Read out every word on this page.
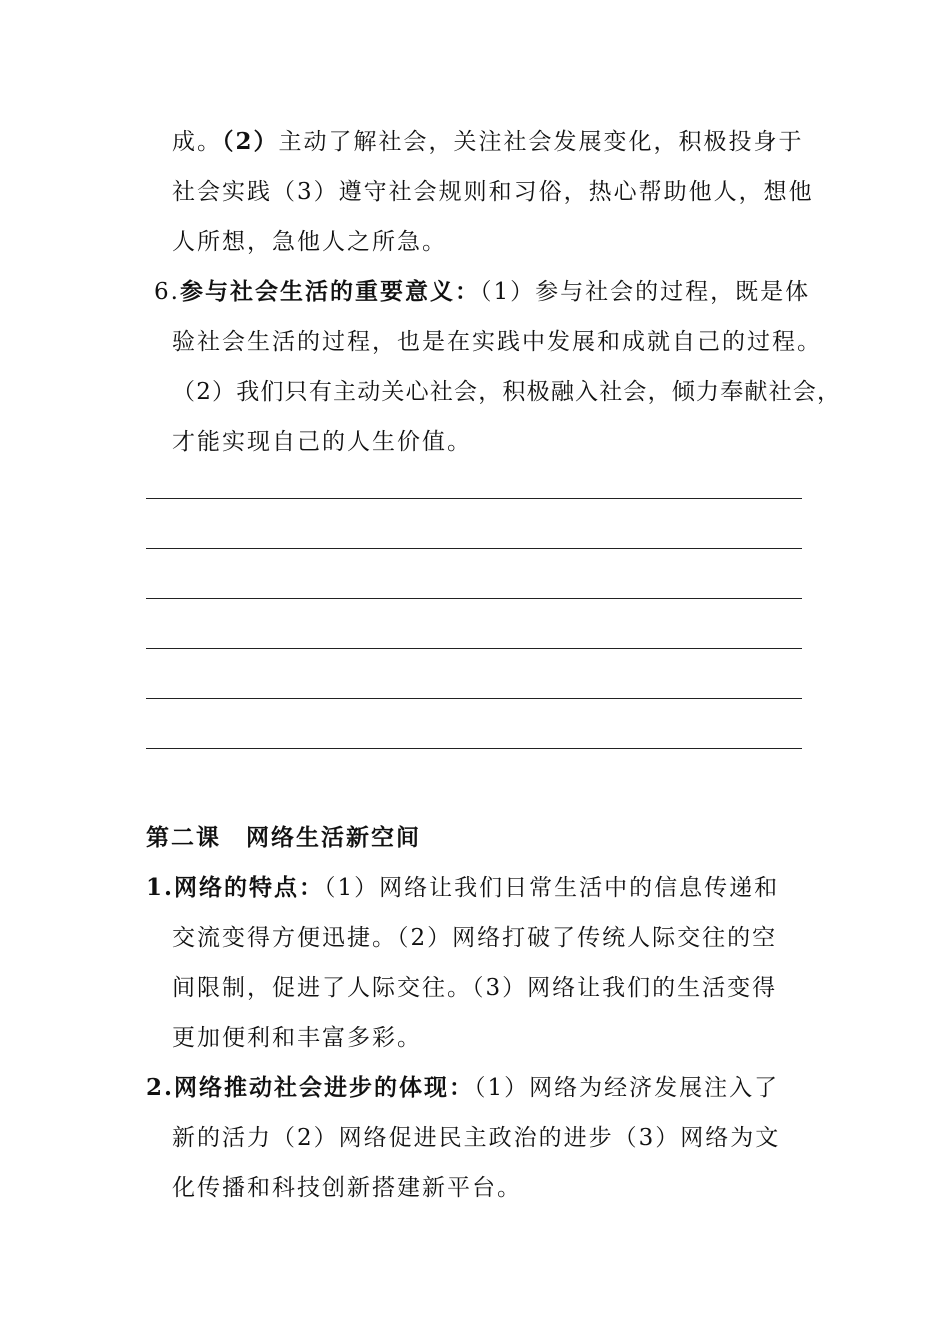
成。（2）主动了解社会，关注社会发展变化，积极投身于
社会实践（3）遵守社会规则和习俗，热心帮助他人，想他
人所想，急他人之所急。
6.参与社会生活的重要意义：（1）参与社会的过程，既是体
验社会生活的过程，也是在实践中发展和成就自己的过程。
（2）我们只有主动关心社会，积极融入社会，倾力奉献社会，
才能实现自己的人生价值。
第二课　网络生活新空间
1.网络的特点：（1）网络让我们日常生活中的信息传递和
交流变得方便迅捷。（2）网络打破了传统人际交往的空
间限制，促进了人际交往。（3）网络让我们的生活变得
更加便利和丰富多彩。
2.网络推动社会进步的体现：（1）网络为经济发展注入了
新的活力（2）网络促进民主政治的进步（3）网络为文
化传播和科技创新搭建新平台。
